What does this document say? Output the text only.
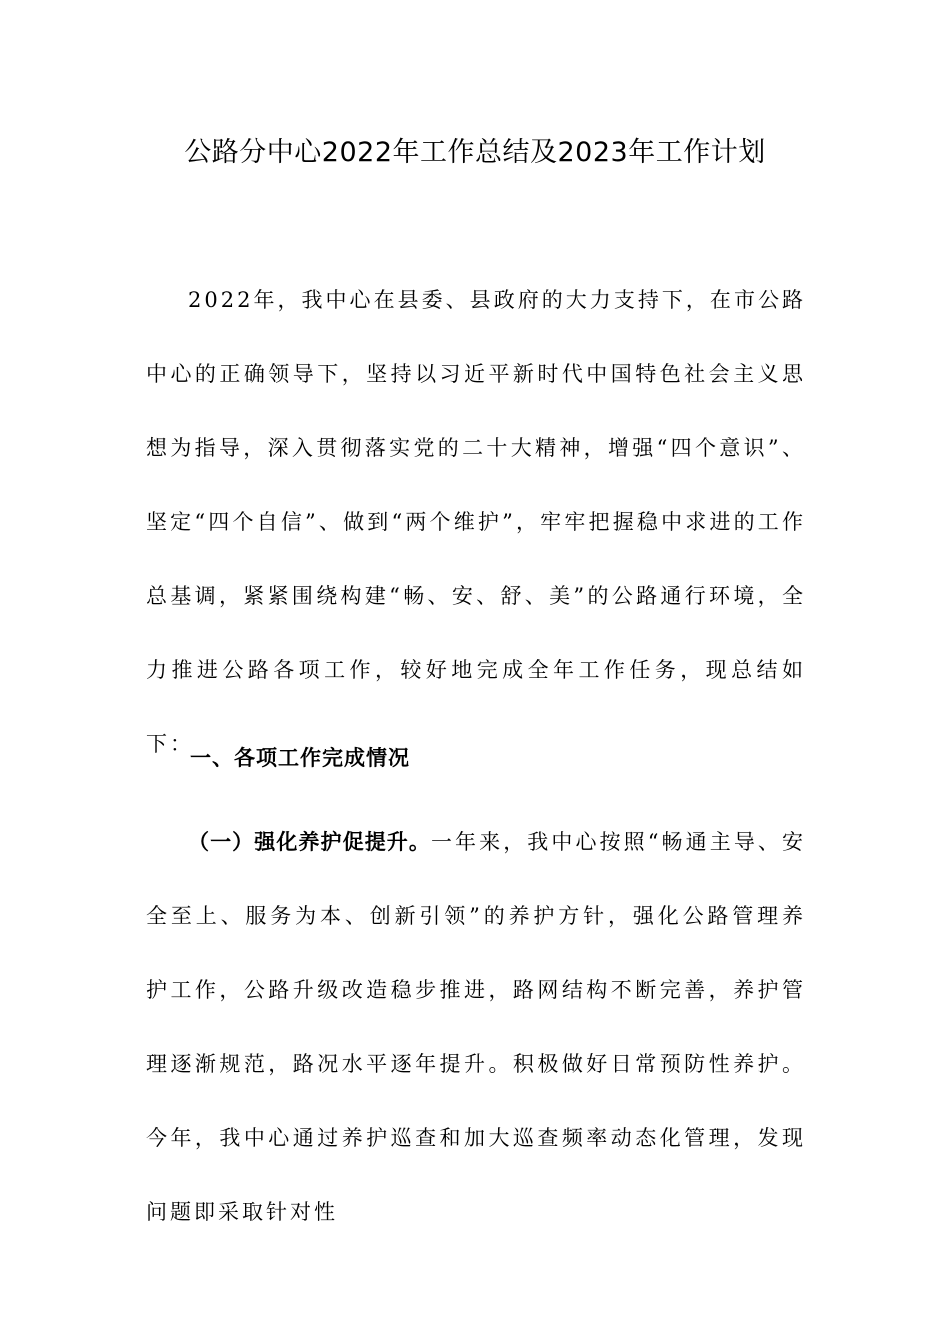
公路分中心2022年工作总结及2023年工作计划

2022年，我中心在县委、县政府的大力支持下，在市公路中心的正确领导下，坚持以习近平新时代中国特色社会主义思想为指导，深入贯彻落实党的二十大精神，增强“四个意识”、坚定“四个自信”、做到“两个维护”，牢牢把握稳中求进的工作总基调，紧紧围绕构建“畅、安、舒、美”的公路通行环境，全力推进公路各项工作，较好地完成全年工作任务，现总结如下：

一、各项工作完成情况

（一）强化养护促提升。一年来，我中心按照“畅通主导、安全至上、服务为本、创新引领”的养护方针，强化公路管理养护工作，公路升级改造稳步推进，路网结构不断完善，养护管理逐渐规范，路况水平逐年提升。积极做好日常预防性养护。今年，我中心通过养护巡查和加大巡查频率动态化管理，发现问题即采取针对性
